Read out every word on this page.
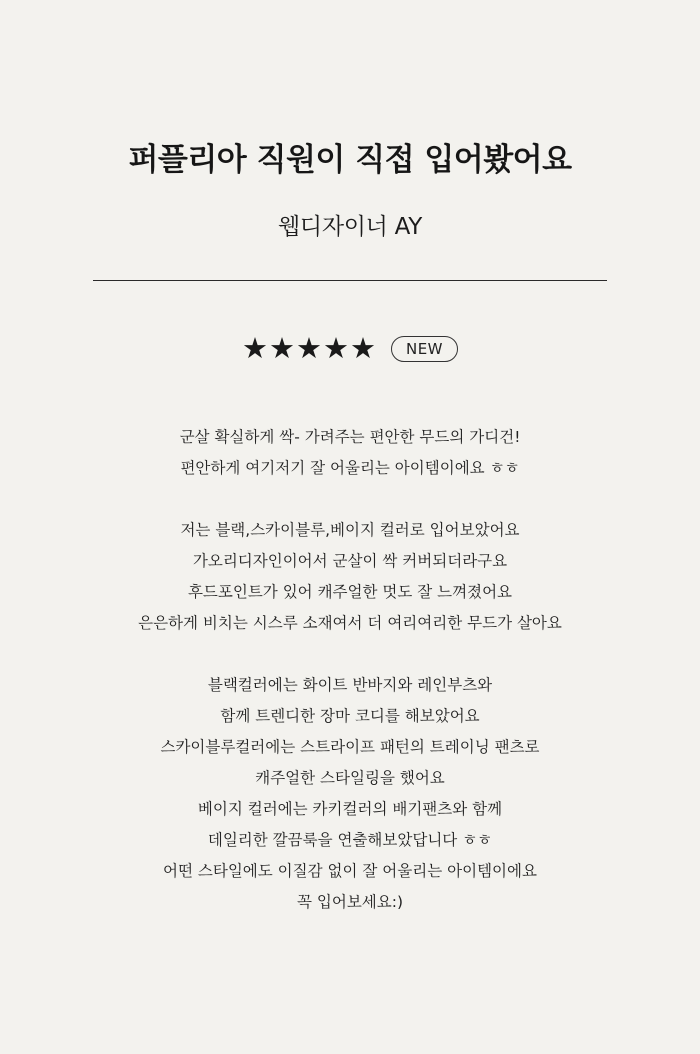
퍼플리아 직원이 직접 입어봤어요
웹디자이너 AY
★★★★★	NEW
군살 확실하게 싹- 가려주는 편안한 무드의 가디건!
편안하게 여기저기 잘 어울리는 아이템이에요 ㅎㅎ
저는 블랙,스카이블루,베이지 컬러로 입어보았어요
가오리디자인이어서 군살이 싹 커버되더라구요
후드포인트가 있어 캐주얼한 멋도 잘 느껴졌어요
은은하게 비치는 시스루 소재여서 더 여리여리한 무드가 살아요
블랙컬러에는 화이트 반바지와 레인부츠와
함께 트렌디한 장마 코디를 해보았어요
스카이블루컬러에는 스트라이프 패턴의 트레이닝 팬츠로
캐주얼한 스타일링을 했어요
베이지 컬러에는 카키컬러의 배기팬츠와 함께
데일리한 깔끔룩을 연출해보았답니다 ㅎㅎ
어떤 스타일에도 이질감 없이 잘 어울리는 아이템이에요
꼭 입어보세요:)
